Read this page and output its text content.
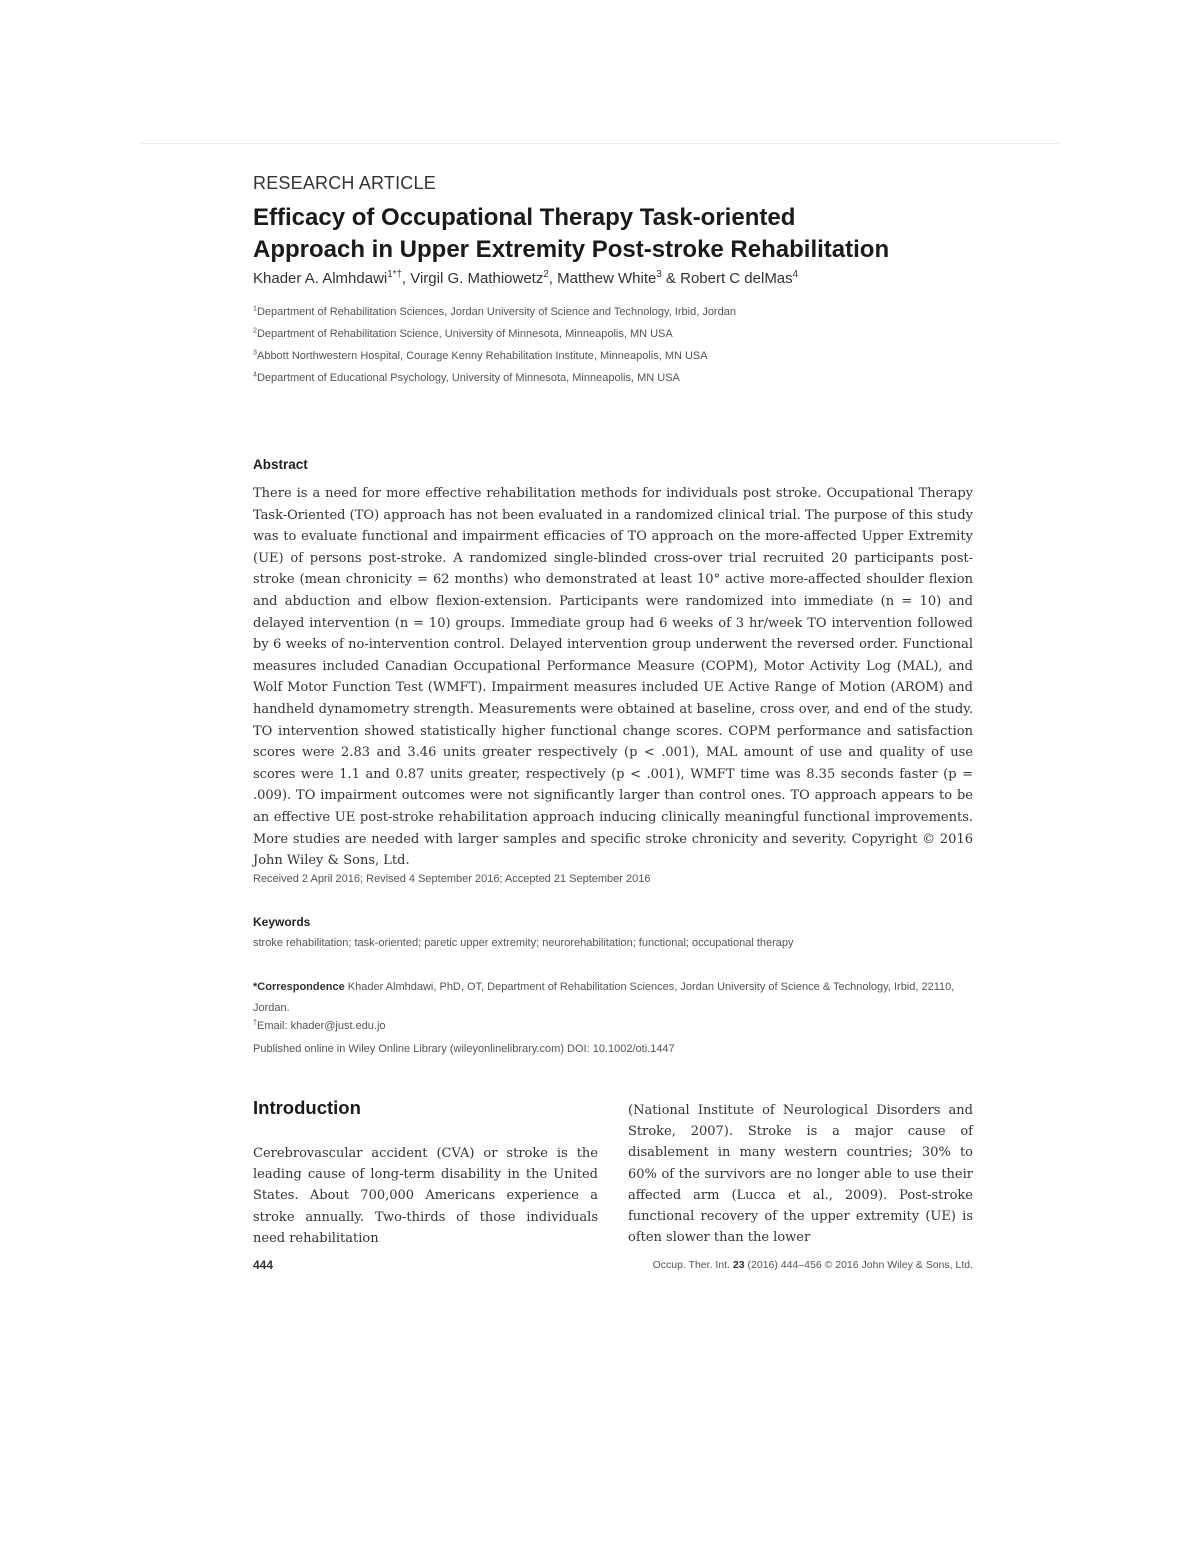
RESEARCH ARTICLE
Efficacy of Occupational Therapy Task-oriented
Approach in Upper Extremity Post-stroke Rehabilitation
Khader A. Almhdawi$^{1*\dagger}$, Virgil G. Mathiowetz$^2$, Matthew White$^3$ & Robert C delMas$^4$
$^1$Department of Rehabilitation Sciences, Jordan University of Science and Technology, Irbid, Jordan
$^2$Department of Rehabilitation Science, University of Minnesota, Minneapolis, MN USA
$^3$Abbott Northwestern Hospital, Courage Kenny Rehabilitation Institute, Minneapolis, MN USA
$^4$Department of Educational Psychology, University of Minnesota, Minneapolis, MN USA
Abstract

There is a need for more effective rehabilitation methods for individuals post stroke. Occupational Therapy Task-Oriented (TO) approach has not been evaluated in a randomized clinical trial. The purpose of this study was to evaluate functional and impairment efficacies of TO approach on the more-affected Upper Extremity (UE) of persons post-stroke. A randomized single-blinded cross-over trial recruited 20 participants post-stroke (mean chronicity = 62 months) who demonstrated at least 10° active more-affected shoulder flexion and abduction and elbow flexion-extension. Participants were randomized into immediate (n = 10) and delayed intervention (n = 10) groups. Immediate group had 6 weeks of 3 hr/week TO intervention followed by 6 weeks of no-intervention control. Delayed intervention group underwent the reversed order. Functional measures included Canadian Occupational Performance Measure (COPM), Motor Activity Log (MAL), and Wolf Motor Function Test (WMFT). Impairment measures included UE Active Range of Motion (AROM) and handheld dynamometry strength. Measurements were obtained at baseline, cross over, and end of the study. TO intervention showed statistically higher functional change scores. COPM performance and satisfaction scores were 2.83 and 3.46 units greater respectively (p < .001), MAL amount of use and quality of use scores were 1.1 and 0.87 units greater, respectively (p < .001), WMFT time was 8.35 seconds faster (p = .009). TO impairment outcomes were not significantly larger than control ones. TO approach appears to be an effective UE post-stroke rehabilitation approach inducing clinically meaningful functional improvements. More studies are needed with larger samples and specific stroke chronicity and severity. Copyright © 2016 John Wiley & Sons, Ltd.

Received 2 April 2016; Revised 4 September 2016; Accepted 21 September 2016
Keywords
stroke rehabilitation; task-oriented; paretic upper extremity; neurorehabilitation; functional; occupational therapy

*Correspondence Khader Almhdawi, PhD, OT, Department of Rehabilitation Sciences, Jordan University of Science & Technology, Irbid, 22110, Jordan.

†Email: khader@just.edu.jo
Published online in Wiley Online Library (wileyonlinelibrary.com) DOI: 10.1002/oti.1447
Introduction

Cerebrovascular accident (CVA) or stroke is the leading cause of long-term disability in the United States. About 700,000 Americans experience a stroke annually. Two-thirds of those individuals need rehabilitation

(National Institute of Neurological Disorders and Stroke, 2007). Stroke is a major cause of disablement in many western countries; 30% to 60% of the survivors are no longer able to use their affected arm (Lucca et al., 2009). Post-stroke functional recovery of the upper extremity (UE) is often slower than the lower

444	Occup. Ther. Int. 23 (2016) 444–456 © 2016 John Wiley & Sons, Ltd.
